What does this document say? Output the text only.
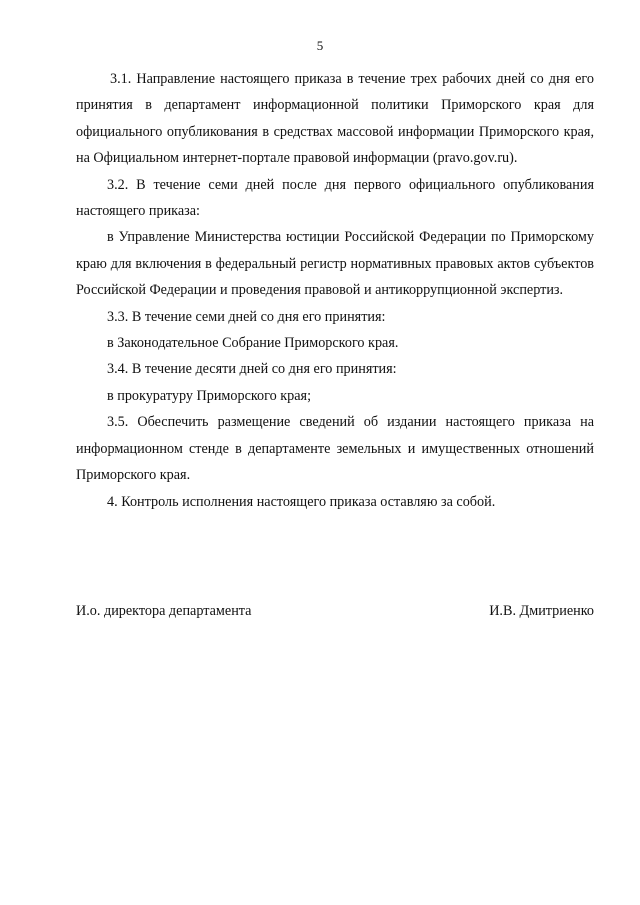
5

3.1. Направление настоящего приказа в течение трех рабочих дней со дня его принятия в департамент информационной политики Приморского края для официального опубликования в средствах массовой информации Приморского края, на Официальном интернет-портале правовой информации (pravo.gov.ru).

3.2. В течение семи дней после дня первого официального опубликования настоящего приказа:

в Управление Министерства юстиции Российской Федерации по Приморскому краю для включения в федеральный регистр нормативных правовых актов субъектов Российской Федерации и проведения правовой и антикоррупционной экспертиз.

3.3. В течение семи дней со дня его принятия:

в Законодательное Собрание Приморского края.

3.4. В течение десяти дней со дня его принятия:

в прокуратуру Приморского края;

3.5. Обеспечить размещение сведений об издании настоящего приказа на информационном стенде в департаменте земельных и имущественных отношений Приморского края.

4. Контроль исполнения настоящего приказа оставляю за собой.

И.о. директора департамента	И.В. Дмитриенко
